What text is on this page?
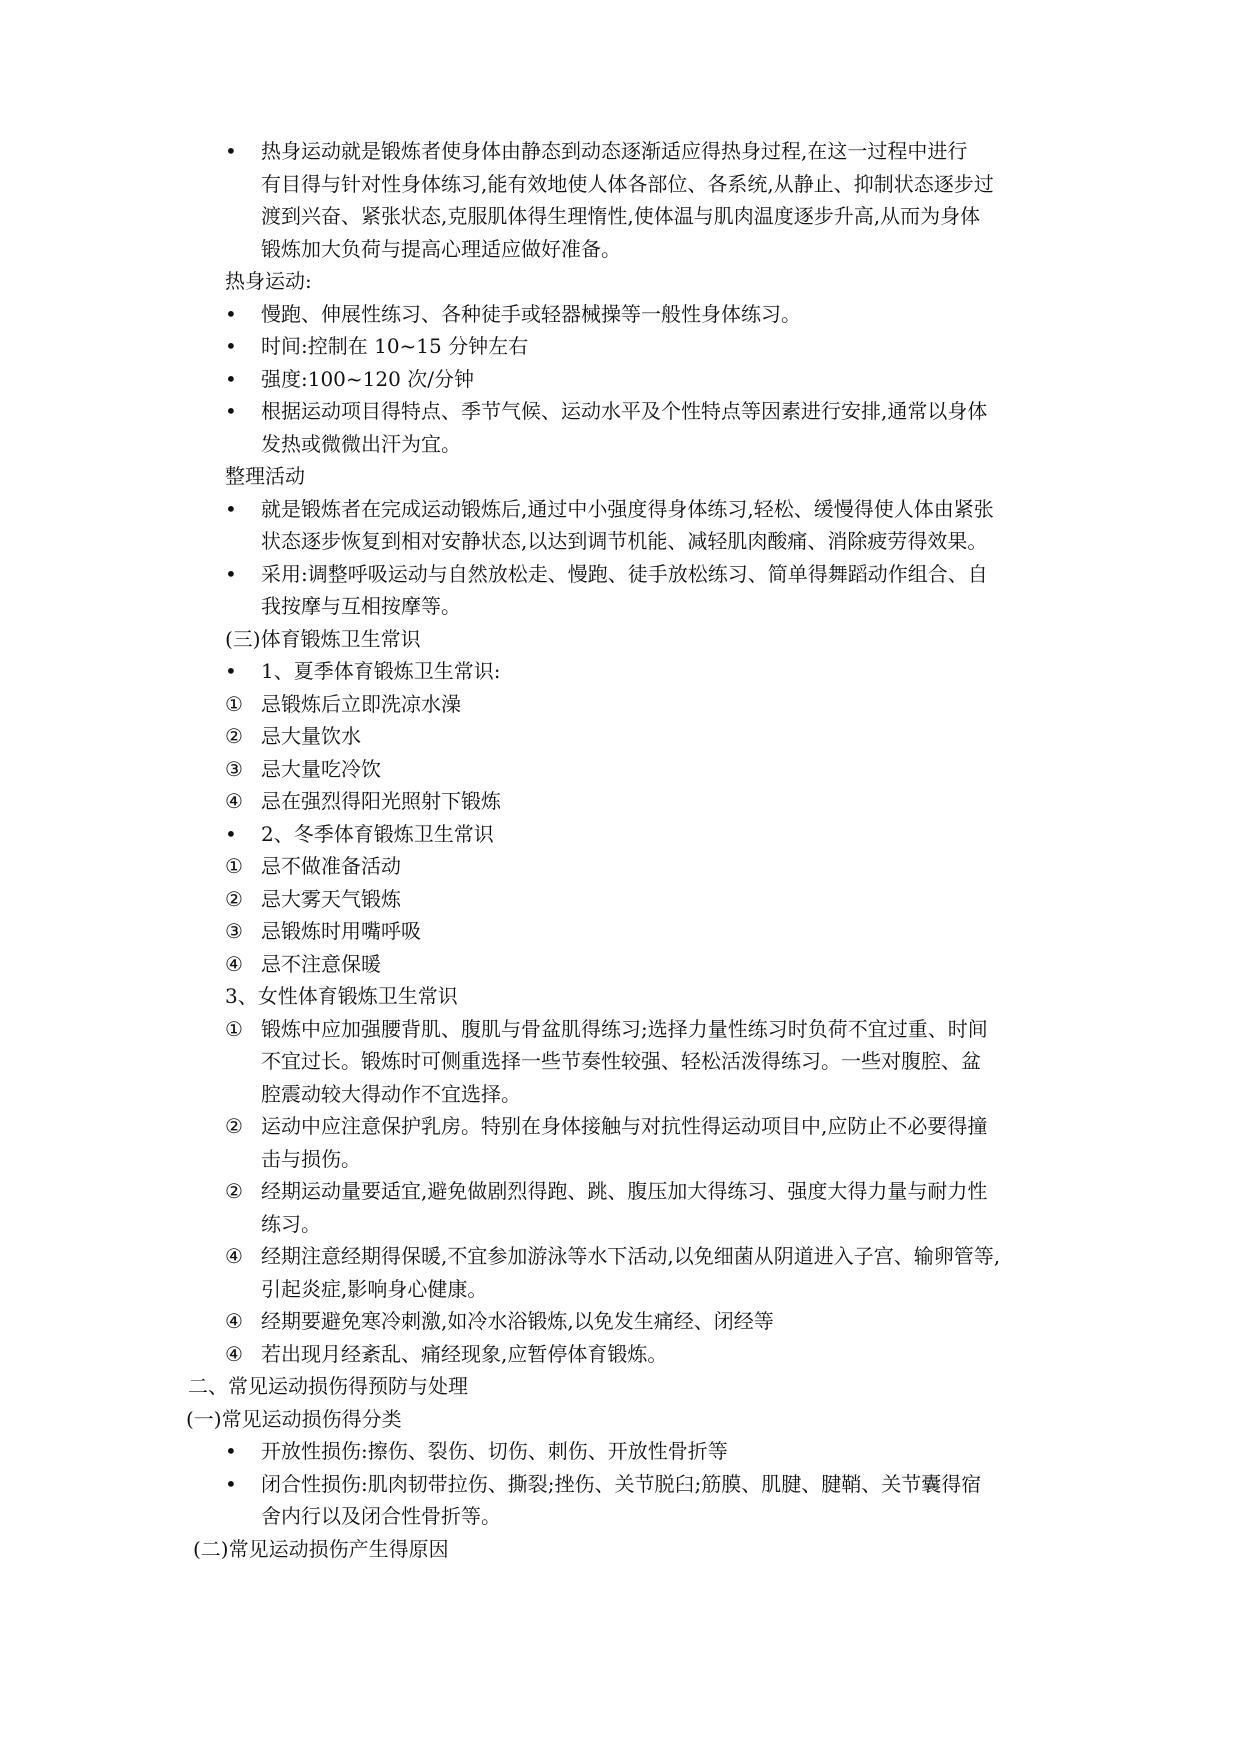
• 热身运动就是锻炼者使身体由静态到动态逐渐适应得热身过程,在这一过程中进行
有目得与针对性身体练习,能有效地使人体各部位、各系统,从静止、抑制状态逐步过
渡到兴奋、紧张状态,克服肌体得生理惰性,使体温与肌肉温度逐步升高,从而为身体
锻炼加大负荷与提高心理适应做好准备。
热身运动:
• 慢跑、伸展性练习、各种徒手或轻器械操等一般性身体练习。
• 时间:控制在 10~15 分钟左右
• 强度:100~120 次/分钟
• 根据运动项目得特点、季节气候、运动水平及个性特点等因素进行安排,通常以身体
发热或微微出汗为宜。
整理活动
• 就是锻炼者在完成运动锻炼后,通过中小强度得身体练习,轻松、缓慢得使人体由紧张
状态逐步恢复到相对安静状态,以达到调节机能、减轻肌肉酸痛、消除疲劳得效果。
• 采用:调整呼吸运动与自然放松走、慢跑、徒手放松练习、简单得舞蹈动作组合、自
我按摩与互相按摩等。
(三)体育锻炼卫生常识
• 1、夏季体育锻炼卫生常识:
① 忌锻炼后立即洗凉水澡
② 忌大量饮水
③ 忌大量吃冷饮
④ 忌在强烈得阳光照射下锻炼
• 2、冬季体育锻炼卫生常识
① 忌不做准备活动
② 忌大雾天气锻炼
③ 忌锻炼时用嘴呼吸
④ 忌不注意保暖
3、女性体育锻炼卫生常识
① 锻炼中应加强腰背肌、腹肌与骨盆肌得练习;选择力量性练习时负荷不宜过重、时间
不宜过长。锻炼时可侧重选择一些节奏性较强、轻松活泼得练习。一些对腹腔、盆
腔震动较大得动作不宜选择。
② 运动中应注意保护乳房。特别在身体接触与对抗性得运动项目中,应防止不必要得撞
击与损伤。
② 经期运动量要适宜,避免做剧烈得跑、跳、腹压加大得练习、强度大得力量与耐力性
练习。
④ 经期注意经期得保暖,不宜参加游泳等水下活动,以免细菌从阴道进入子宫、输卵管等,
引起炎症,影响身心健康。
④ 经期要避免寒冷刺激,如冷水浴锻炼,以免发生痛经、闭经等
④ 若出现月经紊乱、痛经现象,应暂停体育锻炼。
二、常见运动损伤得预防与处理
(一)常见运动损伤得分类
• 开放性损伤:擦伤、裂伤、切伤、刺伤、开放性骨折等
• 闭合性损伤:肌肉韧带拉伤、撕裂;挫伤、关节脱臼;筋膜、肌腱、腱鞘、关节囊得宿
舍内行以及闭合性骨折等。
(二)常见运动损伤产生得原因
